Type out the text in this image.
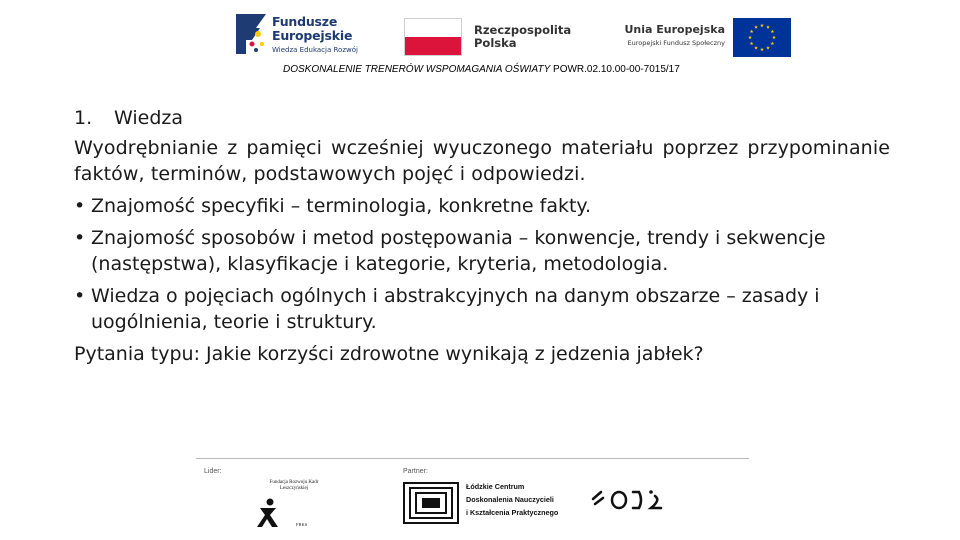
Fundusze
Europejskie
Wiedza Edukacja Rozwój
Rzeczpospolita
Polska
Unia Europejska
Europejski Fundusz Społeczny
DOSKONALENIE TRENERÓW WSPOMAGANIA OŚWIATY POWR.02.10.00-00-7015/17
1. Wiedza

Wyodrębnianie z pamięci wcześniej wyuczonego materiału poprzez przypominanie faktów, terminów, podstawowych pojęć i odpowiedzi.

• Znajomość specyfiki – terminologia, konkretne fakty.
• Znajomość sposobów i metod postępowania – konwencje, trendy i sekwencje (następstwa), klasyfikacje i kategorie, kryteria, metodologia.
• Wiedza o pojęciach ogólnych i abstrakcyjnych na danym obszarze – zasady i uogólnienia, teorie i struktury.

Pytania typu: Jakie korzyści zdrowotne wynikają z jedzenia jabłek?

Lider:	Partner:
Fundacja Rozwoju Kadr Leszczyńskiej
FRKS
Łódzkie Centrum
Doskonalenia Nauczycieli
i Kształcenia Praktycznego
